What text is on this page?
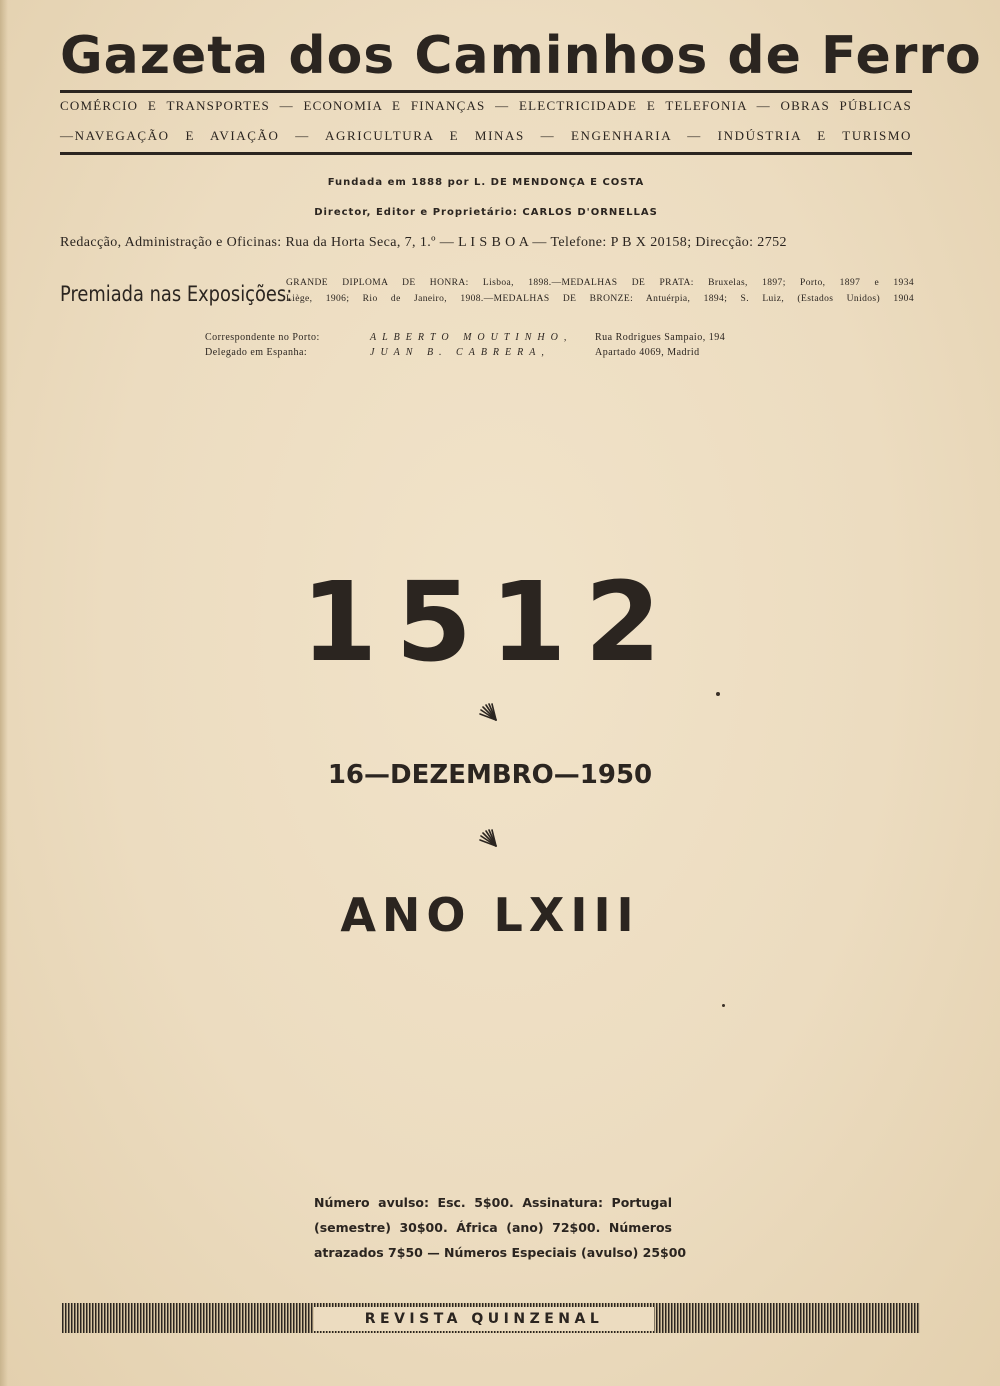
Gazeta dos Caminhos de Ferro
COMÉRCIO E TRANSPORTES — ECONOMIA E FINANÇAS — ELECTRICIDADE E TELEFONIA — OBRAS PÚBLICAS
—NAVEGAÇÃO E AVIAÇÃO — AGRICULTURA E MINAS — ENGENHARIA — INDÚSTRIA E TURISMO
Fundada em 1888 por L. DE MENDONÇA E COSTA
Director, Editor e Proprietário: CARLOS D'ORNELLAS
Redacção, Administração e Oficinas: Rua da Horta Seca, 7, 1.º — L I S B O A — Telefone: P B X 20158; Direcção: 2752
Premiada nas Exposições:
GRANDE DIPLOMA DE HONRA: Lisboa, 1898.—MEDALHAS DE PRATA: Bruxelas, 1897; Porto, 1897 e 1934
Liège, 1906; Rio de Janeiro, 1908.—MEDALHAS DE BRONZE: Antuérpia, 1894; S. Luiz, (Estados Unidos) 1904
Correspondente no Porto:	ALBERTO MOUTINHO, Rua Rodrigues Sampaio, 194
Delegado em Espanha:	JUAN B. CABRERA,	Apartado 4069, Madrid
1512
16—DEZEMBRO—1950
ANO LXIII
Número avulso: Esc. 5$00. Assinatura: Portugal
(semestre) 30$00. África (ano) 72$00. Números
atrazados 7$50 — Números Especiais (avulso) 25$00
REVISTA QUINZENAL
